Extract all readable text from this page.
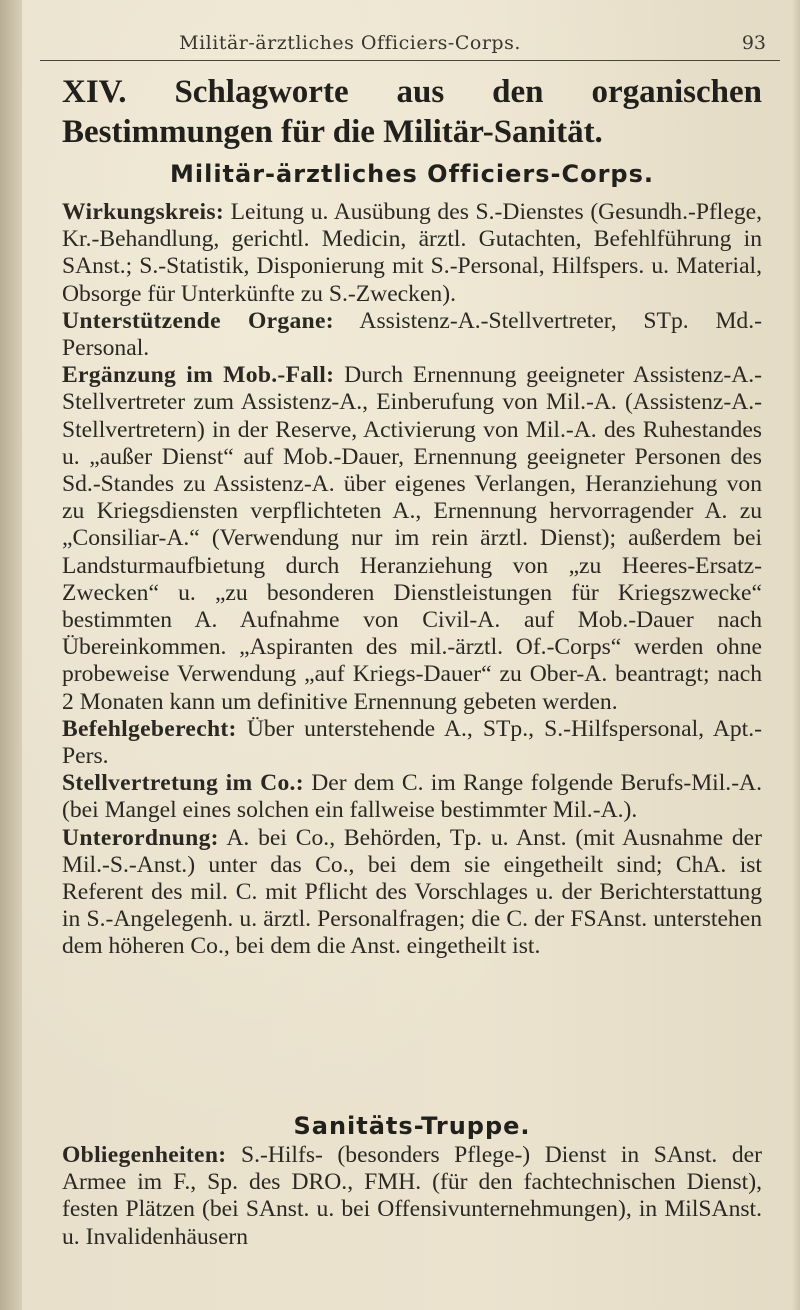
Militär-ärztliches Officiers-Corps.	93
XIV. Schlagworte aus den organischen Bestimmungen für die Militär-Sanität.
Militär-ärztliches Officiers-Corps.

Wirkungskreis: Leitung u. Ausübung des S.-Dienstes (Gesundh.-Pflege, Kr.-Behandlung, gerichtl. Medicin, ärztl. Gutachten, Befehlführung in SAnst.; S.-Statistik, Disponierung mit S.-Personal, Hilfspers. u. Material, Obsorge für Unterkünfte zu S.-Zwecken).

Unterstützende Organe: Assistenz-A.-Stellvertreter, STp. Md.-Personal.

Ergänzung im Mob.-Fall: Durch Ernennung geeigneter Assistenz-A.-Stellvertreter zum Assistenz-A., Einberufung von Mil.-A. (Assistenz-A.-Stellvertretern) in der Reserve, Activierung von Mil.-A. des Ruhestandes u. „außer Dienst“ auf Mob.-Dauer, Ernennung geeigneter Personen des Sd.-Standes zu Assistenz-A. über eigenes Verlangen, Heranziehung von zu Kriegsdiensten verpflichteten A., Ernennung hervorragender A. zu „Consiliar-A.“ (Verwendung nur im rein ärztl. Dienst); außerdem bei Landsturmaufbietung durch Heranziehung von „zu Heeres-Ersatz-Zwecken“ u. „zu besonderen Dienstleistungen für Kriegszwecke“ bestimmten A. Aufnahme von Civil-A. auf Mob.-Dauer nach Übereinkommen. „Aspiranten des mil.-ärztl. Of.-Corps“ werden ohne probeweise Verwendung „auf Kriegs-Dauer“ zu Ober-A. beantragt; nach 2 Monaten kann um definitive Ernennung gebeten werden.

Befehlgeberecht: Über unterstehende A., STp., S.-Hilfspersonal, Apt.-Pers.

Stellvertretung im Co.: Der dem C. im Range folgende Berufs-Mil.-A. (bei Mangel eines solchen ein fallweise bestimmter Mil.-A.).

Unterordnung: A. bei Co., Behörden, Tp. u. Anst. (mit Ausnahme der Mil.-S.-Anst.) unter das Co., bei dem sie eingetheilt sind; ChA. ist Referent des mil. C. mit Pflicht des Vorschlages u. der Berichterstattung in S.-Angelegenh. u. ärztl. Personalfragen; die C. der FSAnst. unterstehen dem höheren Co., bei dem die Anst. eingetheilt ist.

Sanitäts-Truppe.

Obliegenheiten: S.-Hilfs- (besonders Pflege-) Dienst in SAnst. der Armee im F., Sp. des DRO., FMH. (für den fachtechnischen Dienst), festen Plätzen (bei SAnst. u. bei Offensivunternehmungen), in MilSAnst. u. Invalidenhäusern
